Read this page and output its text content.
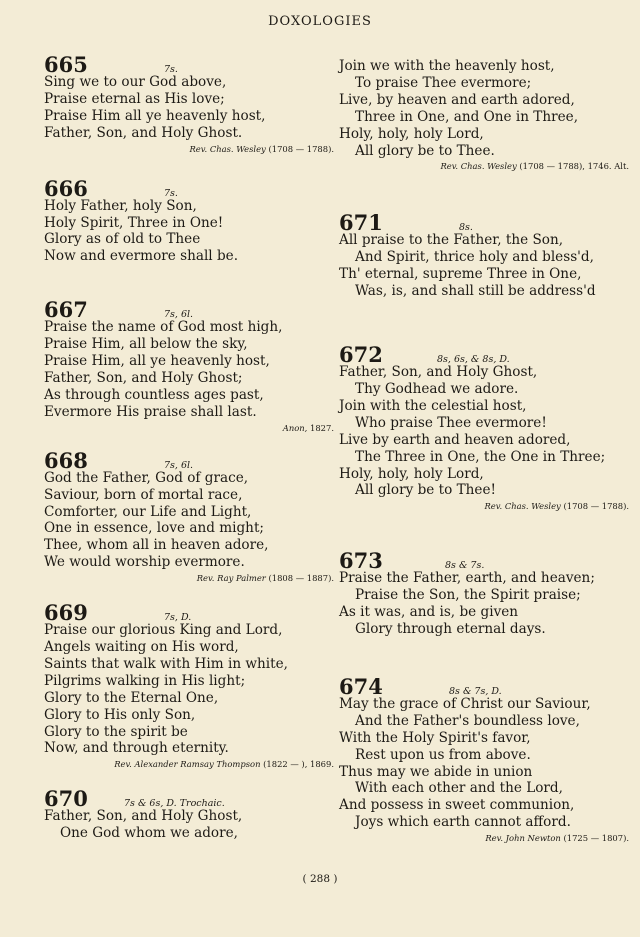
DOXOLOGIES
665	7s.
Sing we to our God above,
Praise eternal as His love;
Praise Him all ye heavenly host,
Father, Son, and Holy Ghost.
Rev. Chas. Wesley (1708 — 1788).
666	7s.
Holy Father, holy Son,
Holy Spirit, Three in One!
Glory as of old to Thee
Now and evermore shall be.
667	7s, 6l.
Praise the name of God most high,
Praise Him, all below the sky,
Praise Him, all ye heavenly host,
Father, Son, and Holy Ghost;
As through countless ages past,
Evermore His praise shall last.
Anon, 1827.
668	7s, 6l.
God the Father, God of grace,
Saviour, born of mortal race,
Comforter, our Life and Light,
One in essence, love and might;
Thee, whom all in heaven adore,
We would worship evermore.
Rev. Ray Palmer (1808 — 1887).
669	7s, D.
Praise our glorious King and Lord,
Angels waiting on His word,
Saints that walk with Him in white,
Pilgrims walking in His light;
Glory to the Eternal One,
Glory to His only Son,
Glory to the spirit be
Now, and through eternity.
Rev. Alexander Ramsay Thompson (1822 — ), 1869.
670	7s & 6s, D. Trochaic.
Father, Son, and Holy Ghost,
One God whom we adore,
Join we with the heavenly host,
To praise Thee evermore;
Live, by heaven and earth adored,
Three in One, and One in Three,
Holy, holy, holy Lord,
All glory be to Thee.
Rev. Chas. Wesley (1708 — 1788), 1746. Alt.
671	8s.
All praise to the Father, the Son,
And Spirit, thrice holy and bless'd,
Th' eternal, supreme Three in One,
Was, is, and shall still be address'd
672	8s, 6s, & 8s, D.
Father, Son, and Holy Ghost,
Thy Godhead we adore.
Join with the celestial host,
Who praise Thee evermore!
Live by earth and heaven adored,
The Three in One, the One in Three;
Holy, holy, holy Lord,
All glory be to Thee!
Rev. Chas. Wesley (1708 — 1788).
673	8s & 7s.
Praise the Father, earth, and heaven;
Praise the Son, the Spirit praise;
As it was, and is, be given
Glory through eternal days.
674	8s & 7s, D.
May the grace of Christ our Saviour,
And the Father's boundless love,
With the Holy Spirit's favor,
Rest upon us from above.
Thus may we abide in union
With each other and the Lord,
And possess in sweet communion,
Joys which earth cannot afford.
Rev. John Newton (1725 — 1807).
( 288 )
